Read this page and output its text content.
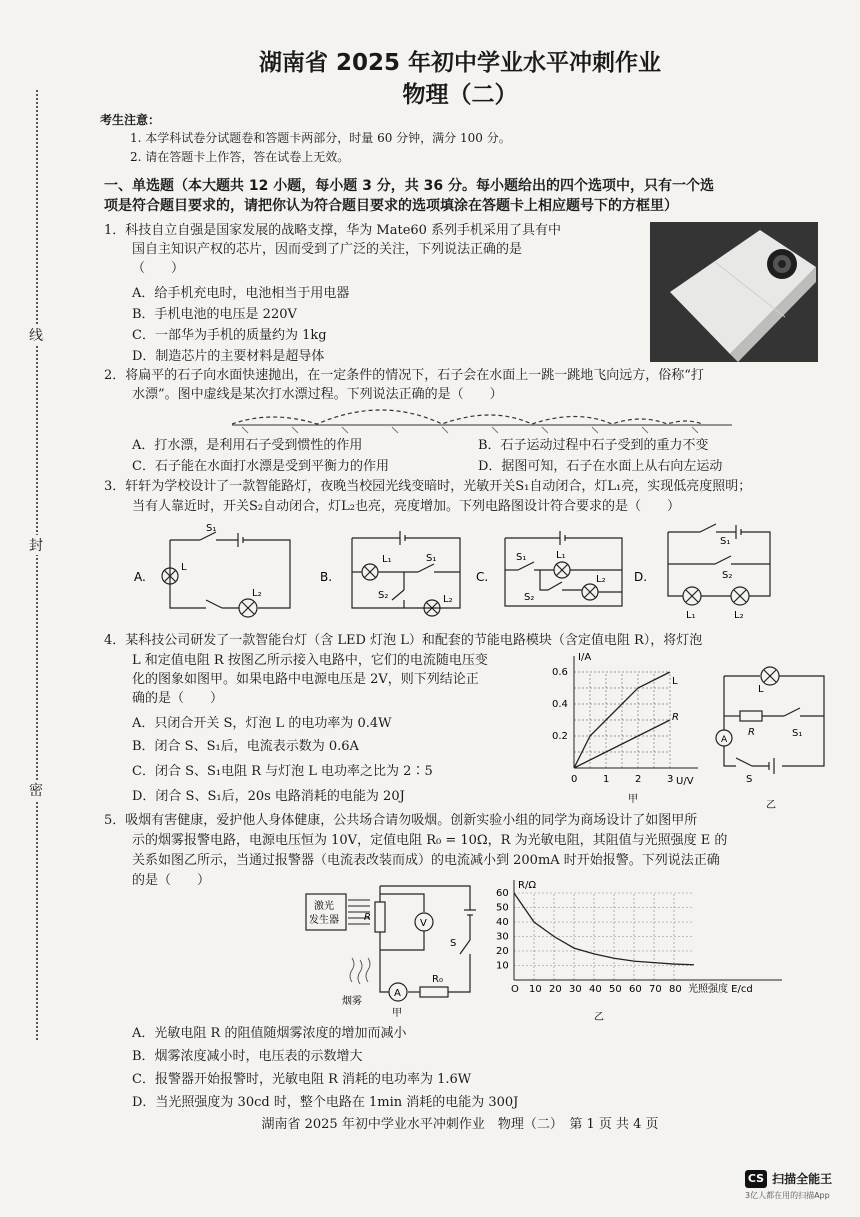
线
封
密
湖南省 2025 年初中学业水平冲刺作业
物理（二）
考生注意：
1. 本学科试卷分试题卷和答题卡两部分，时量 60 分钟，满分 100 分。
2. 请在答题卡上作答，答在试卷上无效。
一、单选题（本大题共 12 小题，每小题 3 分，共 36 分。每小题给出的四个选项中，只有一个选
项是符合题目要求的，请把你认为符合题目要求的选项填涂在答题卡上相应题号下的方框里）
1．科技自立自强是国家发展的战略支撑，华为 Mate60 系列手机采用了具有中
国自主知识产权的芯片，因而受到了广泛的关注，下列说法正确的是
（　　）
A．给手机充电时，电池相当于用电器
B．手机电池的电压是 220V
C．一部华为手机的质量约为 1kg
D．制造芯片的主要材料是超导体
2．将扁平的石子向水面快速抛出，在一定条件的情况下，石子会在水面上一跳一跳地飞向远方，俗称“打
水漂”。图中虚线是某次打水漂过程。下列说法正确的是（　　）
A．打水漂，是利用石子受到惯性的作用	B．石子运动过程中石子受到的重力不变
C．石子能在水面打水漂是受到平衡力的作用	D．据图可知，石子在水面上从右向左运动
3．轩轩为学校设计了一款智能路灯，夜晚当校园光线变暗时，光敏开关S₁自动闭合，灯L₁亮，实现低亮度照明；
当有人靠近时，开关S₂自动闭合，灯L₂也亮，亮度增加。下列电路图设计符合要求的是（　　）
A.
S₁
L
L₂
B.
L₁	S₁
S₂	L₂
C.
S₁	L₁
S₂
L₂ D.
S₁
S₂
L₁	L₂
4．某科技公司研发了一款智能台灯（含 LED 灯泡 L）和配套的节能电路模块（含定值电阻 R），将灯泡
L 和定值电阻 R 按图乙所示接入电路中，它们的电流随电压变
化的图象如图甲。如果电路中电源电压是 2V，则下列结论正
确的是（　　）
A．只闭合开关 S，灯泡 L 的电功率为 0.4W
B．闭合 S、S₁后，电流表示数为 0.6A
C．闭合 S、S₁电阻 R 与灯泡 L 电功率之比为 2∶5
D．闭合 S、S₁后，20s 电路消耗的电能为 20J
I/A
U/V
0.6
0.4
0.2
0	1	2	3
L
R
甲
A
L
R	S₁
S
乙
5．吸烟有害健康，爱护他人身体健康，公共场合请勿吸烟。创新实验小组的同学为商场设计了如图甲所
示的烟雾报警电路，电源电压恒为 10V，定值电阻 R₀ = 10Ω，R 为光敏电阻，其阻值与光照强度 E 的
关系如图乙所示，当通过报警器（电流表改装而成）的电流减小到 200mA 时开始报警。下列说法正确
的是（　　）
激光
发生器	R
V
S
R₀
A
烟雾
甲
R/Ω
光照强度 E/cd
60
50
40
30
20
10
O 10 20 30 40 50 60 70 80
乙
A．光敏电阻 R 的阻值随烟雾浓度的增加而减小
B．烟雾浓度减小时，电压表的示数增大
C．报警器开始报警时，光敏电阻 R 消耗的电功率为 1.6W
D．当光照强度为 30cd 时，整个电路在 1min 消耗的电能为 300J
湖南省 2025 年初中学业水平冲刺作业　物理（二）　第 1 页 共 4 页
CS 扫描全能王
3亿人都在用的扫描App
